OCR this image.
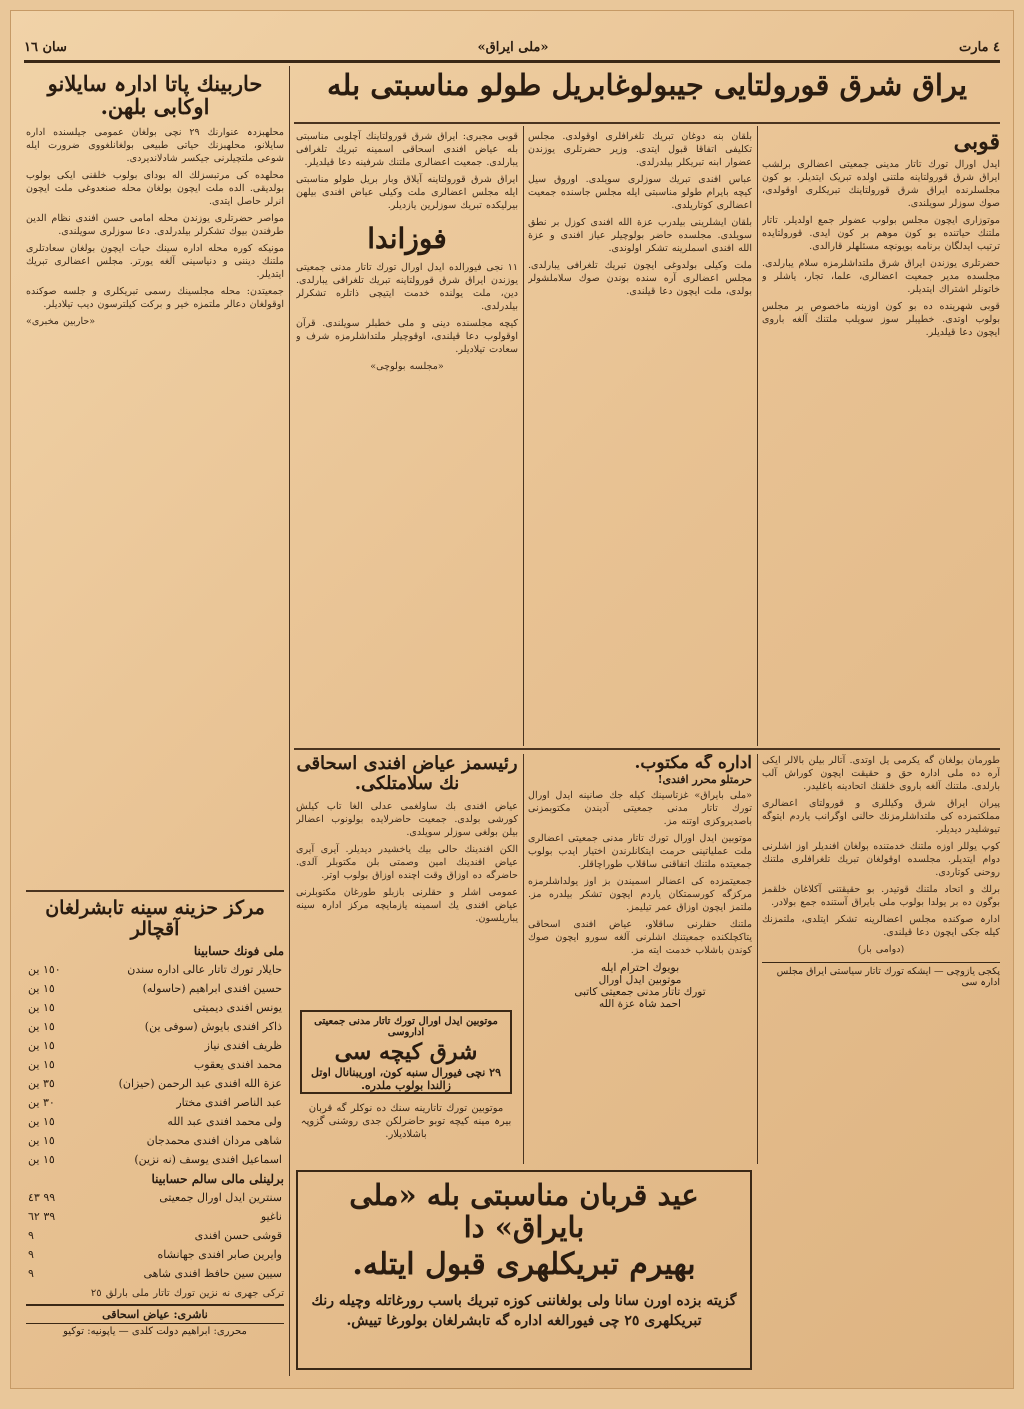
٤ مارت
«ملی ایراق»
سان ١٦
حاربینك پاتا ادارہ سایلانو اوکابی بلهن.

محلهبزدہ عنوارنك ٢٩ نچی بولغان عمومی جیلسنده اداره سایلانو، محلهبزنك حیاتی طبیعی بولغانلغووی ضرورت ایله شوعی ملتچیلرنی جیکسر شادلاندیردی.

محلهده کی مرتبسزلك اله بودای بولوب خلقنی ایکی بولوب بولدیقی. الده ملت ایچون بولغان محله صنعدوغی ملت ایچون انرلر حاصل ایتدی.

مواصر حضرتلری یوزندن محله امامی حسن افندی نظام الدین طرفندن بیوك تشکرلر بیلدرلدی. دعا سوزلری سویلندی.

مونیکه کوره محله اداره سینك حیات ایچون بولغان سعادتلری ملتنك دیننی و دنیاسینی آلغه یورتر. مجلس اعضالری تبریك ایتدیلر.

جمعیتدن: محله مجلسینك رسمی تبریکلری و جلسه صوکنده اوقولغان دعالر ملتمزه خیر و برکت کیلترسون دیب تیلادیلر.

«حاربین مخبری»

مرکز حزینه سینه تابشرلغان آقچالر
ملی فونك حسابینا
حایلار تورك تاتار عالی اداره سندن	١٥٠ ین
حسین افندی ابراهیم (حاسوله)	١٥ ین
یونس افندی دیمیتی	١٥ ین
ذاکر افندی بایوش (سوفی ین)	١٥ ین
ظریف افندی نیاز	١٥ ین
محمد افندی یعقوب	١٥ ین
عزة الله افندی عبد الرحمن (حیزان)	٣٥ ین
عبد الناصر افندی مختار	٣٠ ین
ولی محمد افندی عبد الله	١٥ ین
شاهی مردان افندی محمدجان	١٥ ین
اسماعیل افندی یوسف (نه نزین)	١٥ ین
برلینلی مالی سالم حسابینا
سنترین ایدل اورال جمعیتی	٩٩ ٤٣
ناغیو	٣٩ ٦٢
قوشی حسن افندی	٩
وایرین صابر افندی جهانشاه	٩
سیین سین حافظ افندی شاهی	٩
ترکی جهری نه نزین تورك تاتار ملی بارلق ٢٥
ناشری: عیاض اسحاقی
محرری: ابراهیم دولت کلدی — یاپونیه: توکیو
یراق شرق قورولتایی جیبولوغابریل طولو مناسبتی بله
قوبی

ایدل اورال تورك تاتار مدینی جمعیتی اعضالری برلشب ایراق شرق قورولتاینه ملتنی اولده تبریک ایتدیلر. بو کون مجلسلرنده ایراق شرق قورولتاینك تبریکلری اوقولدی، صوك سوزلر سویلندی.

موتوزاری ایچون مجلس بولوب عضولر جمع اولدیلر. تاتار ملتنك حیاتنده بو کون موهم بر کون ایدی. قورولتایده ترتیب ایدلگان برنامه بویونچه مسئلهلر قارالدی.

حضرتلری یوزندن ایراق شرق ملتداشلرمزه سلام یبارلدی. مجلسده مدیر جمعیت اعضالری، علما، تجار، یاشلر و خاتونلر اشتراك ایتدیلر.

قوبی شهرینده ده بو کون اوزینه ماخصوص بر مجلس بولوب اوتدی. خطیبلر سوز سویلب ملتنك آلغه باروی ایچون دعا قیلدیلر.

بلقان بنه دوغان تبریك تلغرافلری اوقولدی. مجلس تکلیفی اتفاقا قبول ایتدی. وزیر حضرتلری یوزندن عضوار ابنه تبریکلر بیلدرلدی.

عباس افندی تبریك سوزلری سویلدی. اوروق سیل کیچه بایرام طولو مناسبتی ایله مجلس جاسنده جمعیت اعضالری کوتاریلدی.

بلقان ایشلرینی بیلدرب عزة الله افندی کوزل بر نطق سویلدی. مجلسده حاضر بولوچیلر عیاز افندی و عزة الله افندی اسملرینه تشکر اولوندی.

ملت وکیلی بولدوغی ایچون تبریك تلغرافی یبارلدی. مجلس اعضالری آره سنده بوندن صوك سلاملشولر بولدی، ملت ایچون دعا قیلندی.

قوبی مجبری: ایراق شرق قورولتاینك آچلوبی مناسبتی بله عیاض افندی اسحاقی اسمینه تبریك تلغرافی یبارلدی. جمعیت اعضالری ملتنك شرفینه دعا قیلدیلر.

ایراق شرق قورولتاینه آیلاق وبار بریل طولو مناسبتی ایله مجلس اعضالری ملت وکیلی عیاض افندی بیلهن بیرلیکده تبریك سوزلرین یازدیلر.

فوزاندا

١١ نجی فیورالده ایدل اورال تورك تاتار مدنی جمعیتی یوزندن ایراق شرق قورولتاینه تبریك تلغرافی یبارلدی. دین، ملت یولنده خدمت ایتیچی ذاتلره تشکرلر بیلدرلدی.

کیچه مجلسنده دینی و ملی خطبلر سویلندی. قرآن اوقولوب دعا قیلندی، اوقوچیلر ملتداشلرمزه شرف و سعادت تیلادیلر.

«مجلسه بولوچی»

رئیسمز عیاض افندی اسحاقی نك سلامتلكی.

عیاض افندی بك ساولغمی عدلی الغا تاب کیلش کورشی بولدی. جمعیت حاضرلایده بولونوب اعضالر بیلن بولغی سوزلر سویلدی.

الکن افندینك حالی بیك یاخشیدر دیدیلر. آیری آیری عیاض افندینك امین وصمتی بلن مکتوبلر آلدی. حاضرگه ده اوزاق وقت اچنده اوزاق بولوب اوتر.

عمومی اشلر و حقلرنی بازبلو طورغان مکتوبلرنی عیاض افندی یك اسمینه یازمایچه مرکز ادارہ سینه یباریلسون.

موتوبین ایدل اورال تورك تاتار مدنی جمعیتی اداروسی
شرق کیچه سی
٢٩ نچی فیورال سنبه کون، اوریبنانال اوتل زالندا بولوب ملدره.
موتوبین تورك تاتارینه سنك ده نوکلر گه قربان بیرہ مینه کیچه توبو حاضرلکن جدی روشنی گزوپہ باشلادیلار.
اداره گه مکتوب.
حرمتلو محرر افندی!

«ملی بایراق» غزتاسینك کیله جك صانینه ایدل اورال تورك تاتار مدنی جمعیتی آدیندن مکتوبمزنی باصدیروکزی اوتنه مز.

موتوبین ایدل اورال تورك تاتار مدنی جمعیتی اعضالری ملت عملیاتینی حرمت ایتکانلرندن اختیار ایدب بولوب جمعیتده ملتنك اتفاقنی ساقلاب طوراچاقلر.

جمعیتمزده کی اعضالر اسمیندن بز اوز یولداشلرمزه مرکزگه کورسمتکان یاردم ایچون تشکر بیلدره مز. ملتمز ایچون اوزاق عمر تیلیمز.

ملتنك حقلرنی ساقلاو، عیاض افندی اسحاقی یتاکچلکنده جمعیتنك اشلرنی آلغه سورو ایچون صوك کوندن باشلاب خدمت ایته مز.

بویوك احترام ایله
موتوبین ایدل اورال
تورك تاتار مدنی جمعیتی کاتبی
احمد شاہ عزة الله

طورمان بولغان گه یکرمی یل اوتدی. آتالر بیلن بالالر ایکی آره ده ملی ادارہ حق و حقیقت ایچون کوراش آلب بارلدی. ملتنك آلغه باروی خلقنك اتحادینه باغلیدر.

پیران ایراق شرق وکیللری و قورولتای اعضالری مملکتمزده کی ملتداشلرمزنك حالنی اوگرانب یاردم ایتوگه تیوشلیدر دیدیلر.

کوپ یوللر اوزه ملتنك خدمتنده بولغان افندیلر اوز اشلرنی دوام ایتدیلر. مجلسده اوقولغان تبریك تلغرافلری ملتنك روحنی کوتاردی.

برلك و اتحاد ملتنك قوتیدر. بو حقیقتنی آکلاغان خلقمز بوگون ده بر یولدا بولوب ملی بایراق آستنده جمع بولادر.

ادارہ صوکنده مجلس اعضالرینه تشکر ایتلدی، ملتمزنك کیله جکی ایچون دعا قیلندی.

(دوامی بار)

پکجی یازوچی — ایشکه تورك تاتار سیاستی ایراق مجلس ادارہ سی
عید قربان مناسبتی بله «ملی بایراق» دا
بهیرم تبریکلهری قبول ایتله.
گزیته بزده اورن سانا ولی بولغاننی کوزه تبریك باسب رورغاتله وچیله رنك
تبریکلهری ٢٥ چی فیورالغه اداره گه تابشرلغان بولورغا تییش.
